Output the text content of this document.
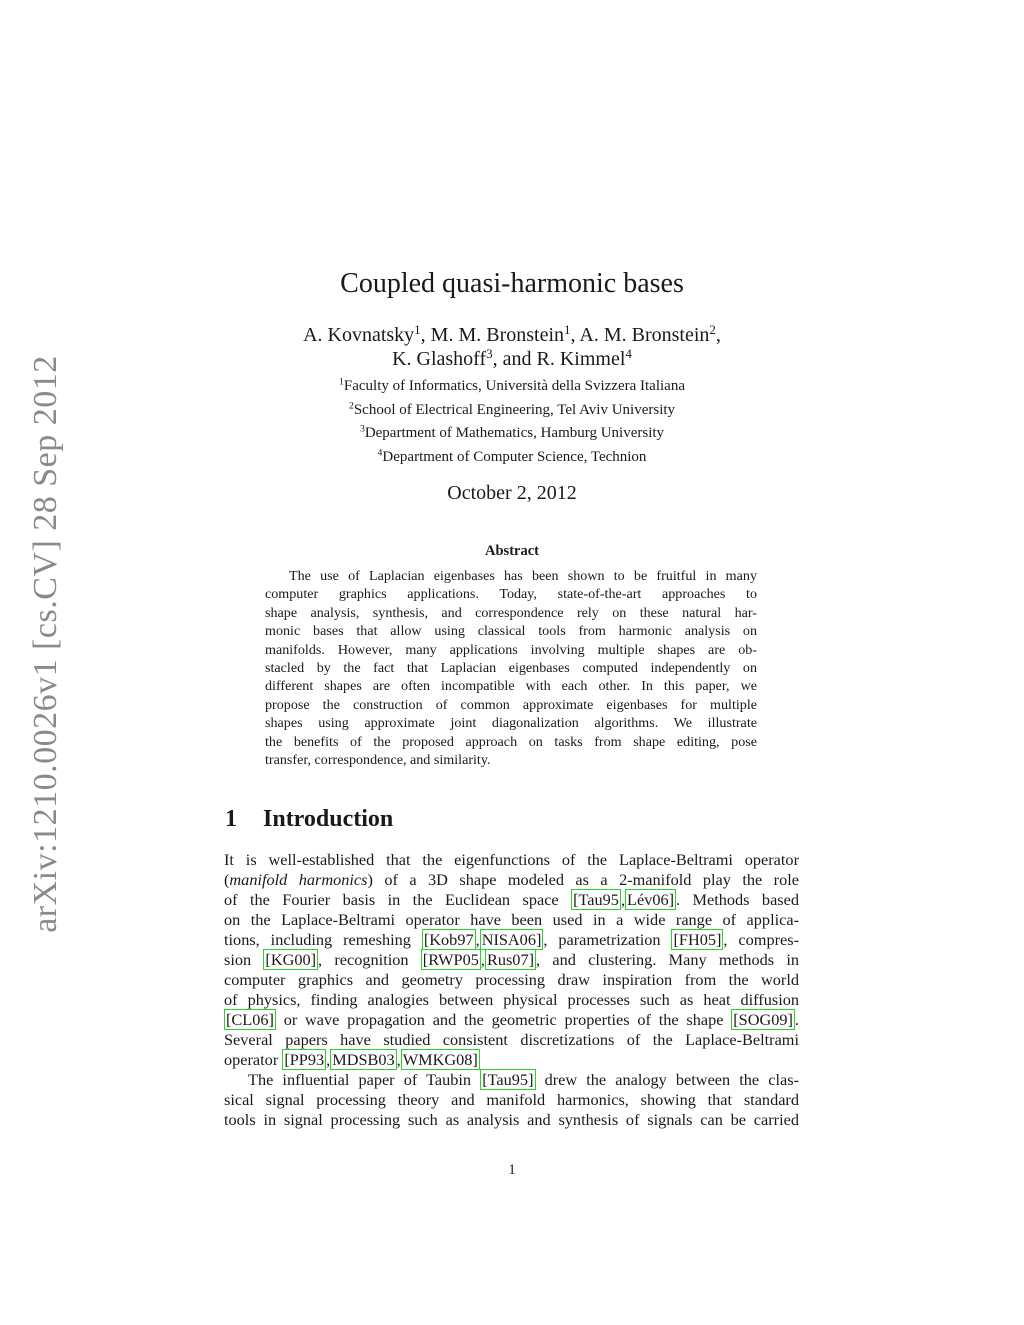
arXiv:1210.0026v1 [cs.CV] 28 Sep 2012
Coupled quasi-harmonic bases
A. Kovnatsky$^1$, M. M. Bronstein$^1$, A. M. Bronstein$^2$,
K. Glashoff$^3$, and R. Kimmel$^4$
$^1$Faculty of Informatics, Università della Svizzera Italiana
$^2$School of Electrical Engineering, Tel Aviv University
$^3$Department of Mathematics, Hamburg University
$^4$Department of Computer Science, Technion
October 2, 2012
Abstract
The use of Laplacian eigenbases has been shown to be fruitful in many
computer graphics applications. Today, state-of-the-art approaches to
shape analysis, synthesis, and correspondence rely on these natural har-
monic bases that allow using classical tools from harmonic analysis on
manifolds. However, many applications involving multiple shapes are ob-
stacled by the fact that Laplacian eigenbases computed independently on
different shapes are often incompatible with each other. In this paper, we
propose the construction of common approximate eigenbases for multiple
shapes using approximate joint diagonalization algorithms. We illustrate
the benefits of the proposed approach on tasks from shape editing, pose
transfer, correspondence, and similarity.
1 Introduction
It is well-established that the eigenfunctions of the Laplace-Beltrami operator
(manifold harmonics) of a 3D shape modeled as a 2-manifold play the role
of the Fourier basis in the Euclidean space [Tau95 , Lév06] . Methods based
on the Laplace-Beltrami operator have been used in a wide range of applica-
tions, including remeshing [Kob97 , NISA06] , parametrization [FH05] , compres-
sion [KG00] , recognition [RWP05 , Rus07] , and clustering. Many methods in
computer graphics and geometry processing draw inspiration from the world
of physics, finding analogies between physical processes such as heat diffusion
[CL06] or wave propagation and the geometric properties of the shape [SOG09] .
Several papers have studied consistent discretizations of the Laplace-Beltrami
operator [PP93 , MDSB03 , WMKG08]
The influential paper of Taubin [Tau95] drew the analogy between the clas-
sical signal processing theory and manifold harmonics, showing that standard
tools in signal processing such as analysis and synthesis of signals can be carried
1
